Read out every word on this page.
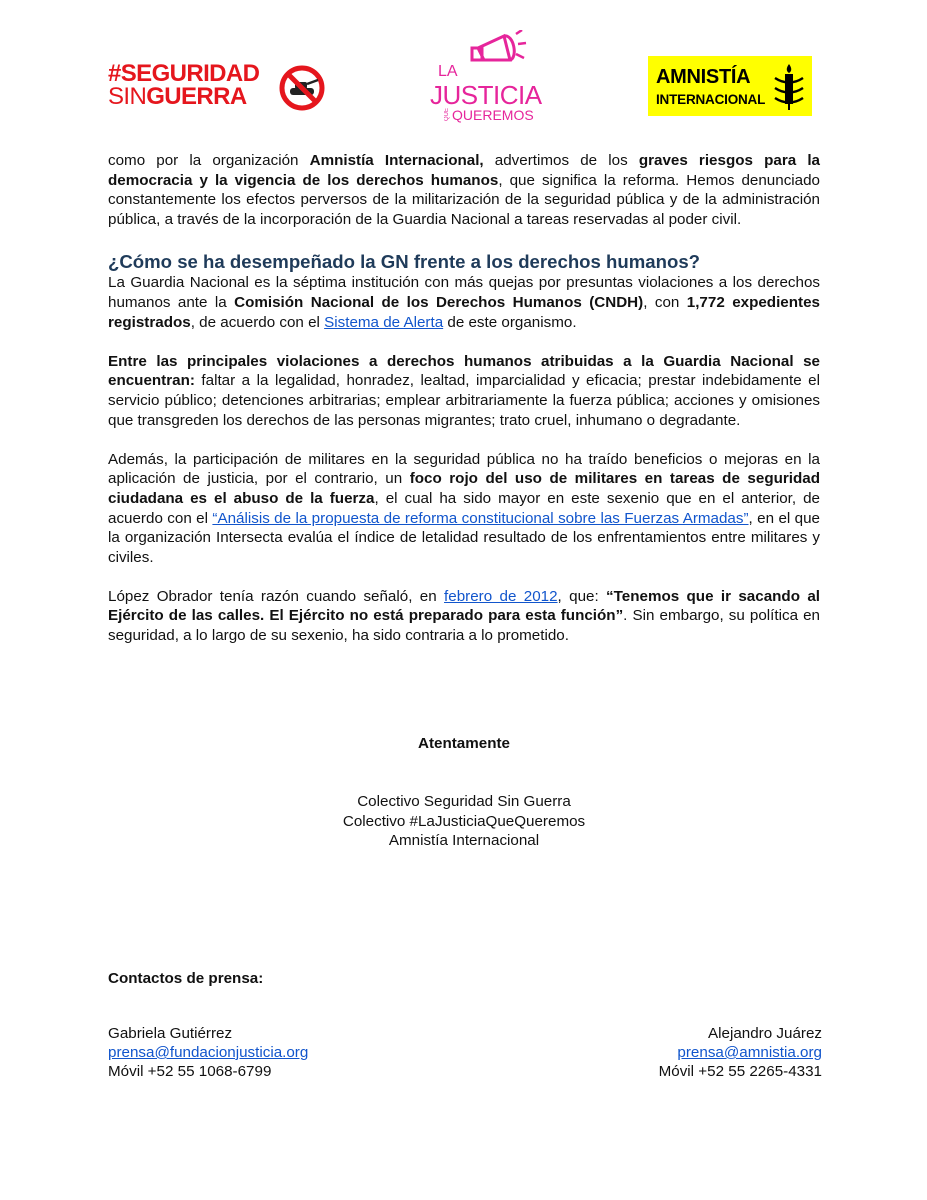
#SEGURIDAD
SINGUERRA
LA
JUSTICIA
QUE QUEREMOS
AMNISTÍA
INTERNACIONAL

como por la organización Amnistía Internacional, advertimos de los graves riesgos para la democracia y la vigencia de los derechos humanos, que significa la reforma. Hemos denunciado constantemente los efectos perversos de la militarización de la seguridad pública y de la administración pública, a través de la incorporación de la Guardia Nacional a tareas reservadas al poder civil.

¿Cómo se ha desempeñado la GN frente a los derechos humanos?

La Guardia Nacional es la séptima institución con más quejas por presuntas violaciones a los derechos humanos ante la Comisión Nacional de los Derechos Humanos (CNDH), con 1,772 expedientes registrados, de acuerdo con el Sistema de Alerta de este organismo.

Entre las principales violaciones a derechos humanos atribuidas a la Guardia Nacional se encuentran: faltar a la legalidad, honradez, lealtad, imparcialidad y eficacia; prestar indebidamente el servicio público; detenciones arbitrarias; emplear arbitrariamente la fuerza pública; acciones y omisiones que transgreden los derechos de las personas migrantes; trato cruel, inhumano o degradante.

Además, la participación de militares en la seguridad pública no ha traído beneficios o mejoras en la aplicación de justicia, por el contrario, un foco rojo del uso de militares en tareas de seguridad ciudadana es el abuso de la fuerza, el cual ha sido mayor en este sexenio que en el anterior, de acuerdo con el “Análisis de la propuesta de reforma constitucional sobre las Fuerzas Armadas”, en el que la organización Intersecta evalúa el índice de letalidad resultado de los enfrentamientos entre militares y civiles.

López Obrador tenía razón cuando señaló, en febrero de 2012, que: “Tenemos que ir sacando al Ejército de las calles. El Ejército no está preparado para esta función”. Sin embargo, su política en seguridad, a lo largo de su sexenio, ha sido contraria a lo prometido.

Atentamente
Colectivo Seguridad Sin Guerra
Colectivo #LaJusticiaQueQueremos
Amnistía Internacional
Contactos de prensa:
Gabriela Gutiérrez
prensa@fundacionjusticia.org
Móvil +52 55 1068-6799
Alejandro Juárez
prensa@amnistia.org
Móvil +52 55 2265-4331
